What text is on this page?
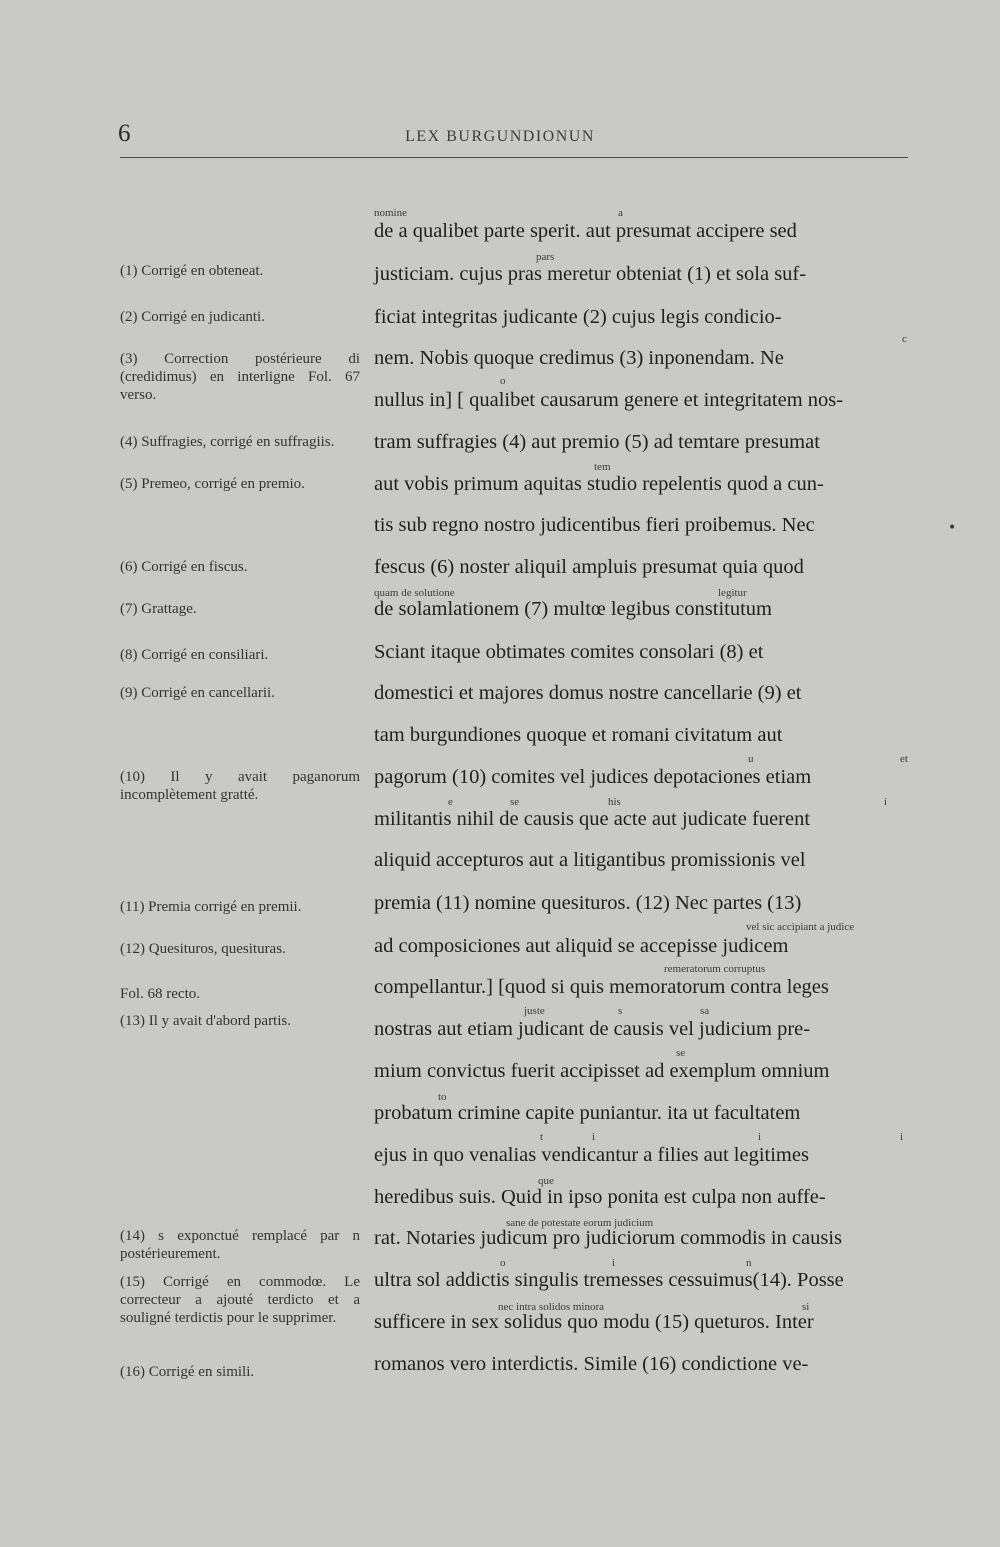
6	LEX BURGUNDIONUN
(1) Corrigé en obteneat.
(2) Corrigé en judicanti.
(3) Correction postérieure di (credidimus) en interligne Fol. 67 verso.
(4) Suffragies, corrigé en suffragiis.
(5) Premeo, corrigé en premio.
(6) Corrigé en fiscus.
(7) Grattage.
(8) Corrigé en consiliari.
(9) Corrigé en cancellarii.
(10) Il y avait paganorum incomplètement gratté.
(11) Premia corrigé en premii.
(12) Quesituros, quesituras.
Fol. 68 recto.
(13) Il y avait d'abord partis.
(14) s exponctué remplacé par n postérieurement.
(15) Corrigé en commodœ. Le correcteur a ajouté terdicto et a souligné terdictis pour le supprimer.
(16) Corrigé en simili.
nomine	a
pars
c
o
tem
quam de solutione	legitur
u	et
e	se	his	i
vel sic accipiant a judice
remeratorum corruptus
juste	s	sa
se
to
t	i	i	i
que
sane de potestate eorum judicium
o	i	n
nec intra solidos minora	si
de a qualibet parte sperit. aut presumat accipere sed
justiciam. cujus pras meretur obteniat (1) et sola suf-
ficiat integritas judicante (2) cujus legis condicio-
nem. Nobis quoque credimus (3) inponendam. Ne
nullus in] [ qualibet causarum genere et integritatem nos-
tram suffragies (4) aut premio (5) ad temtare presumat
aut vobis primum aquitas studio repelentis quod a cun-
tis sub regno nostro judicentibus fieri proibemus. Nec
fescus (6) noster aliquil ampluis presumat quia quod
de solamlationem (7) multœ legibus constitutum
Sciant itaque obtimates comites consolari (8) et
domestici et majores domus nostre cancellarie (9) et
tam burgundiones quoque et romani civitatum aut
pagorum (10) comites vel judices depotaciones etiam
militantis nihil de causis que acte aut judicate fuerent
aliquid accepturos aut a litigantibus promissionis vel
premia (11) nomine quesituros. (12) Nec partes (13)
ad composiciones aut aliquid se accepisse judicem
compellantur.] [quod si quis memoratorum contra leges
nostras aut etiam judicant de causis vel judicium pre-
mium convictus fuerit accipisset ad exemplum omnium
probatum crimine capite puniantur. ita ut facultatem
ejus in quo venalias vendicantur a filies aut legitimes
heredibus suis. Quid in ipso ponita est culpa non auffe-
rat. Notaries judicum pro judiciorum commodis in causis
ultra sol addictis singulis tremesses cessuimus(14). Posse
sufficere in sex solidus quo modu (15) queturos. Inter
romanos vero interdictis. Simile (16) condictione ve-
•
